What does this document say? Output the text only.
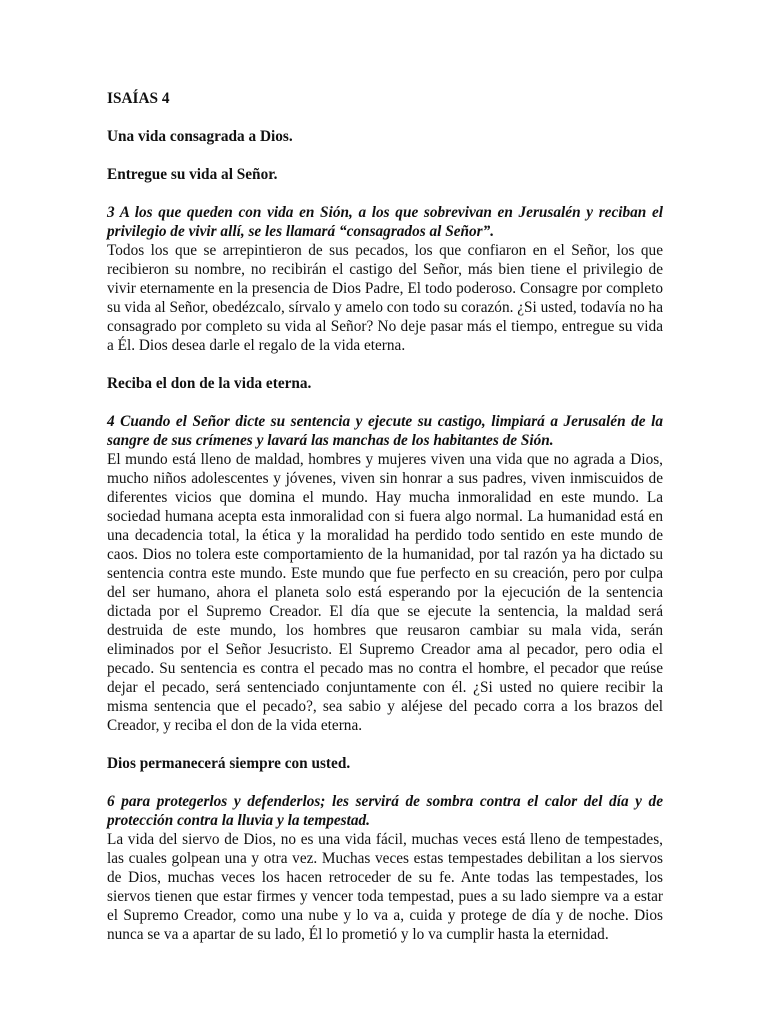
ISAÍAS 4

Una vida consagrada a Dios.

Entregue su vida al Señor.

3 A los que queden con vida en Sión, a los que sobrevivan en Jerusalén y reciban el privilegio de vivir allí, se les llamará “consagrados al Señor”.

Todos los que se arrepintieron de sus pecados, los que confiaron en el Señor, los que recibieron su nombre, no recibirán el castigo del Señor, más bien tiene el privilegio de vivir eternamente en la presencia de Dios Padre, El todo poderoso. Consagre por completo su vida al Señor, obedézcalo, sírvalo y amelo con todo su corazón. ¿Si usted, todavía no ha consagrado por completo su vida al Señor? No deje pasar más el tiempo, entregue su vida a Él. Dios desea darle el regalo de la vida eterna.

Reciba el don de la vida eterna.

4 Cuando el Señor dicte su sentencia y ejecute su castigo, limpiará a Jerusalén de la sangre de sus crímenes y lavará las manchas de los habitantes de Sión.

El mundo está lleno de maldad, hombres y mujeres viven una vida que no agrada a Dios, mucho niños adolescentes y jóvenes, viven sin honrar a sus padres, viven inmiscuidos de diferentes vicios que domina el mundo. Hay mucha inmoralidad en este mundo. La sociedad humana acepta esta inmoralidad con si fuera algo normal. La humanidad está en una decadencia total, la ética y la moralidad ha perdido todo sentido en este mundo de caos. Dios no tolera este comportamiento de la humanidad, por tal razón ya ha dictado su sentencia contra este mundo. Este mundo que fue perfecto en su creación, pero por culpa del ser humano, ahora el planeta solo está esperando por la ejecución de la sentencia dictada por el Supremo Creador. El día que se ejecute la sentencia, la maldad será destruida de este mundo, los hombres que reusaron cambiar su mala vida, serán eliminados por el Señor Jesucristo. El Supremo Creador ama al pecador, pero odia el pecado. Su sentencia es contra el pecado mas no contra el hombre, el pecador que reúse dejar el pecado, será sentenciado conjuntamente con él. ¿Si usted no quiere recibir la misma sentencia que el pecado?, sea sabio y aléjese del pecado corra a los brazos del Creador, y reciba el don de la vida eterna.

Dios permanecerá siempre con usted.

6 para protegerlos y defenderlos; les servirá de sombra contra el calor del día y de protección contra la lluvia y la tempestad.

La vida del siervo de Dios, no es una vida fácil, muchas veces está lleno de tempestades, las cuales golpean una y otra vez. Muchas veces estas tempestades debilitan a los siervos de Dios, muchas veces los hacen retroceder de su fe. Ante todas las tempestades, los siervos tienen que estar firmes y vencer toda tempestad, pues a su lado siempre va a estar el Supremo Creador, como una nube y lo va a, cuida y protege de día y de noche. Dios nunca se va a apartar de su lado, Él lo prometió y lo va cumplir hasta la eternidad.
